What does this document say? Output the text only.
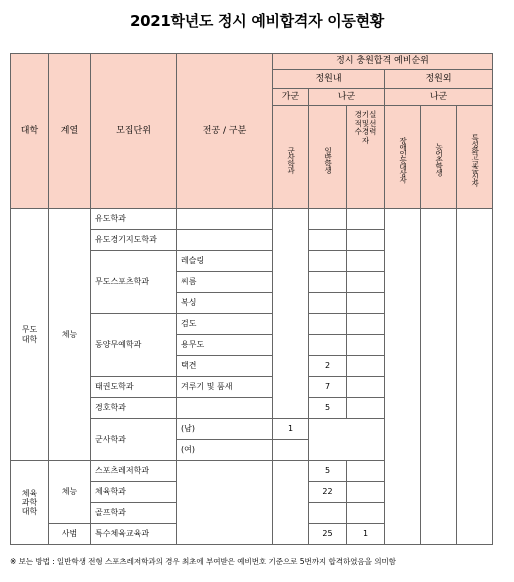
2021학년도 정시 예비합격자 이동현황
대학	계열	모집단위	전공 / 구분	정시 충원합격 예비순위					
				정원내			정원외		
				가군	나군		나군		

				군사학과	일반학생	경기실적및선수경력자	장애인등대상자	농어촌학생	특성화고교출신자

무도
대학	체능	유도학과							
		유도경기지도학과							
		무도스포츠학과	레슬링						
			씨름						
			복싱						
		동양무예학과	검도						
			용무도						
			택견		2				
		태권도학과	겨루기 및 품새		7				
		경호학과			5				
		군사학과	(남)	1					
			(여)						
체육
과학
대학	체능	스포츠레저학과			5				
		체육학과			22				
		골프학과							
	사범	특수체육교육과			25	1			
※ 보는 방법 : 일반학생 전형 스포츠레저학과의 경우 최초에 부여받은 예비번호 기준으로 5번까지 합격하였음을 의미함
